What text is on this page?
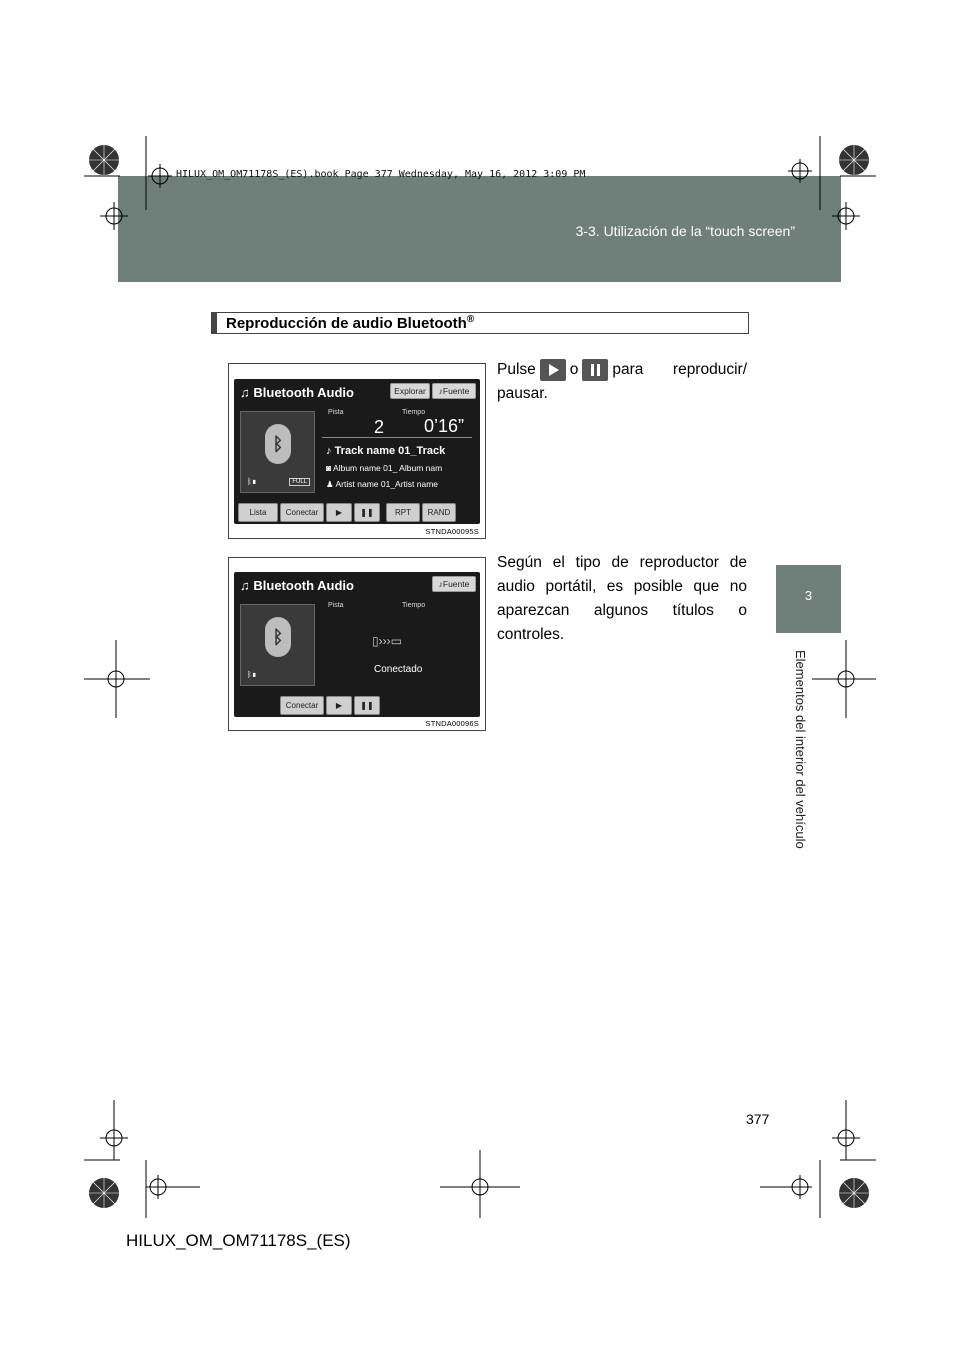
HILUX_OM_OM71178S_(ES).book Page 377 Wednesday, May 16, 2012 3:09 PM
3-3. Utilización de la “touch screen”
3
Elementos del interior del vehículo
Reproducción de audio Bluetooth®
♫ Bluetooth Audio	Explorar	♪Fuente
Pista	Tiempo
ᛒ
ᛒ▮	FULL
2 0’16”
♪ Track name 01_Track
◙ Album name 01_ Album nam
♟ Artist name 01_Artist name
Lista	Conectar	▶	❚❚	RPT	RAND
STNDA00095S
Pulse o para reproducir/ pausar.
♫ Bluetooth Audio	♪Fuente
Pista	Tiempo
ᛒ
ᛒ▮
▯›››▭
Conectado
Conectar	▶	❚❚
STNDA00096S
Según el tipo de reproductor de audio portátil, es posible que no aparezcan algunos títulos o controles.
377
HILUX_OM_OM71178S_(ES)
